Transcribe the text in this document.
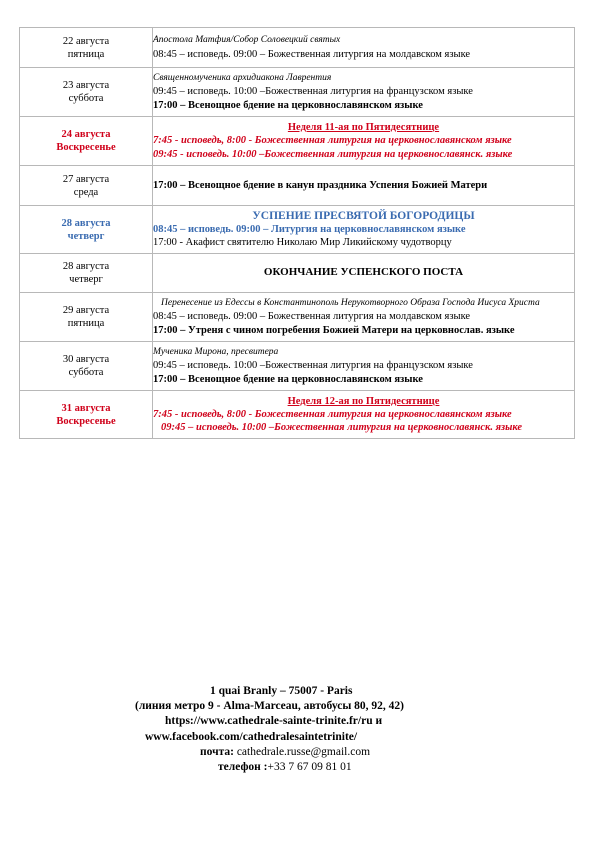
22 августа
пятница	Апостола Матфия/Собор Соловецкий святых
08:45 – исповедь. 09:00 – Божественная литургия на молдавском языке

23 августа
суббота	Священномученика архидиакона Лаврентия
09:45 – исповедь. 10:00 –Божественная литургия на французском языке
17:00 – Всенощное бдение на церковнославянском языке

24 августа
Воскресенье	Неделя 11-ая по Пятидесятнице
7:45 - исповедь, 8:00 - Божественная литургия на церковнославянском языке
09:45 - исповедь. 10:00 –Божественная литургия на церковнославянск. языке

27 августа
среда	17:00 – Всенощное бдение в канун праздника Успения Божией Матери

28 августа
четверг	УСПЕНИЕ ПРЕСВЯТОЙ БОГОРОДИЦЫ
08:45 – исповедь. 09:00 – Литургия на церковнославянском языке
17:00 - Акафист святителю Николаю Мир Ликийскому чудотворцу

28 августа
четверг	ОКОНЧАНИЕ УСПЕНСКОГО ПОСТА

29 августа
пятница	Перенесение из Едессы в Константинополь Нерукотворного Образа Господа Иисуса Христа
08:45 – исповедь. 09:00 – Божественная литургия на молдавском языке
17:00 – Утреня с чином погребения Божией Матери на церковнослав. языке

30 августа
суббота	Мученика Мирона, пресвитера
09:45 – исповедь. 10:00 –Божественная литургия на французском языке
17:00 – Всенощное бдение на церковнославянском языке

31 августа
Воскресенье	Неделя 12-ая по Пятидесятнице
7:45 - исповедь, 8:00 - Божественная литургия на церковнославянском языке
09:45 – исповедь. 10:00 –Божественная литургия на церковнославянск. языке
1 quai Branly – 75007 - Paris
(линия метро 9 - Alma-Marceau, автобусы 80, 92, 42)
https://www.cathedrale-sainte-trinite.fr/ru и
www.facebook.com/cathedralesaintetrinite/
почта: cathedrale.russe@gmail.com
телефон :+33 7 67 09 81 01
